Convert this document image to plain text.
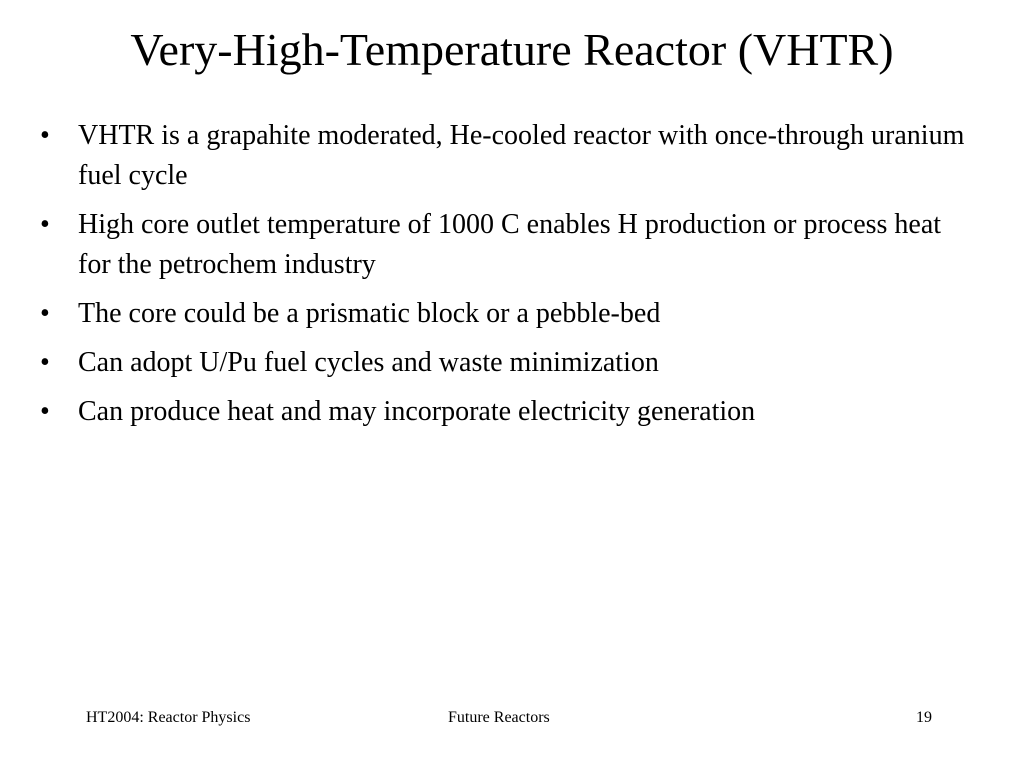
Very-High-Temperature Reactor (VHTR)
•	VHTR is a grapahite moderated, He-cooled reactor with once-through uranium fuel cycle
•	High core outlet temperature of 1000 C enables H production or process heat for the petrochem industry
•	The core could be a prismatic block or a pebble-bed
•	Can adopt U/Pu fuel cycles and waste minimization
•	Can produce heat and may incorporate electricity generation
HT2004: Reactor Physics	Future Reactors	19
